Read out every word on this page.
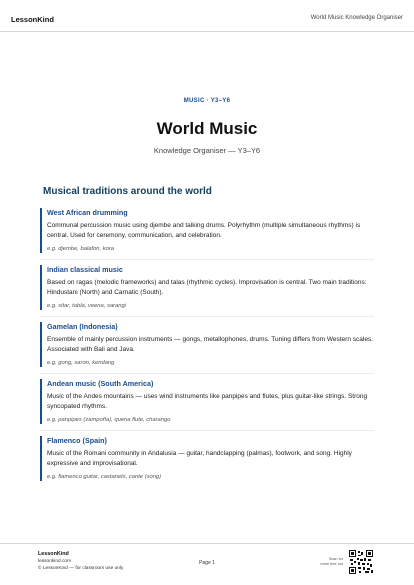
LessonKind	World Music Knowledge Organiser
MUSIC · Y3–Y6
World Music
Knowledge Organiser — Y3–Y6
Musical traditions around the world
West African drumming
Communal percussion music using djembe and talking drums. Polyrhythm (multiple simultaneous rhythms) is central. Used for ceremony, communication, and celebration.
e.g. djembe, balafon, kora
Indian classical music
Based on ragas (melodic frameworks) and talas (rhythmic cycles). Improvisation is central. Two main traditions: Hindustani (North) and Carnatic (South).
e.g. sitar, tabla, veena, sarangi
Gamelan (Indonesia)
Ensemble of mainly percussion instruments — gongs, metallophones, drums. Tuning differs from Western scales. Associated with Bali and Java.
e.g. gong, saron, kendang
Andean music (South America)
Music of the Andes mountains — uses wind instruments like panpipes and flutes, plus guitar-like strings. Strong syncopated rhythms.
e.g. panpipes (zampoña), quena flute, charango
Flamenco (Spain)
Music of the Romani community in Andalusia — guitar, handclapping (palmas), footwork, and song. Highly expressive and improvisational.
e.g. flamenco guitar, castanets, cante (song)
LessonKind
lessonkind.com
© LessonKind — for classroom use only
Page 1
Scan for
more free out
